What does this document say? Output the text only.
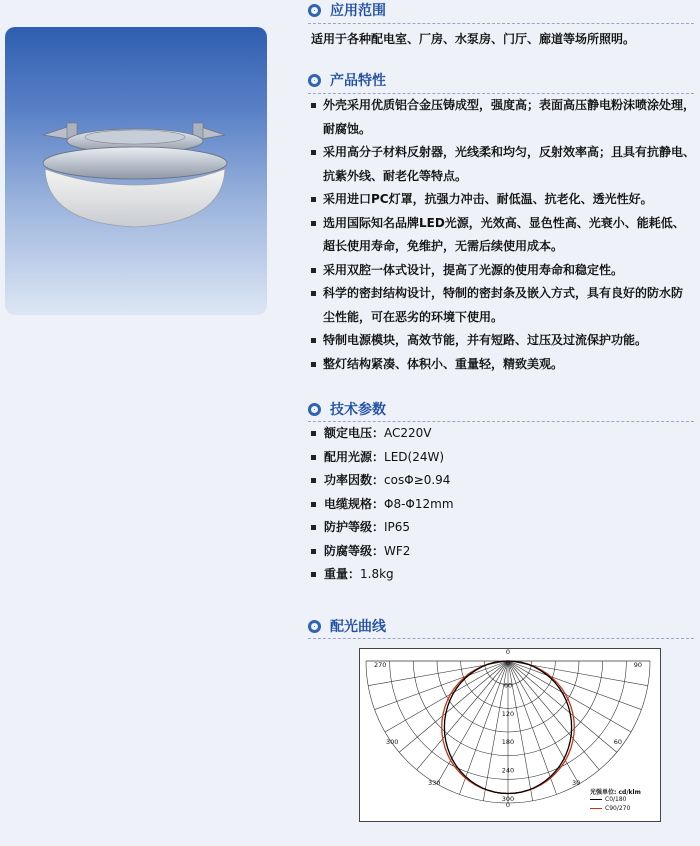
应用范围
适用于各种配电室、厂房、水泵房、门厅、廊道等场所照明。
产品特性
外壳采用优质铝合金压铸成型，强度高；表面高压静电粉沫喷涂处理，
耐腐蚀。
采用高分子材料反射器，光线柔和均匀，反射效率高；且具有抗静电、
抗紫外线、耐老化等特点。
采用进口PC灯罩，抗强力冲击、耐低温、抗老化、透光性好。
选用国际知名品牌LED光源，光效高、显色性高、光衰小、能耗低、
超长使用寿命，免维护，无需后续使用成本。
采用双腔一体式设计，提高了光源的使用寿命和稳定性。
科学的密封结构设计，特制的密封条及嵌入方式，具有良好的防水防
尘性能，可在恶劣的环境下使用。
特制电源模块，高效节能，并有短路、过压及过流保护功能。
整灯结构紧凑、体积小、重量轻，精致美观。
技术参数
额定电压：AC220V
配用光源：LED(24W)
功率因数：cosΦ≥0.94
电缆规格：Φ8-Φ12mm
防护等级：IP65
防腐等级：WF2
重量：1.8kg
配光曲线
0
60
120
180
240
300
270	90
300	60
330	30
0
0
光强单位: cd/klm
C0/180
C90/270
